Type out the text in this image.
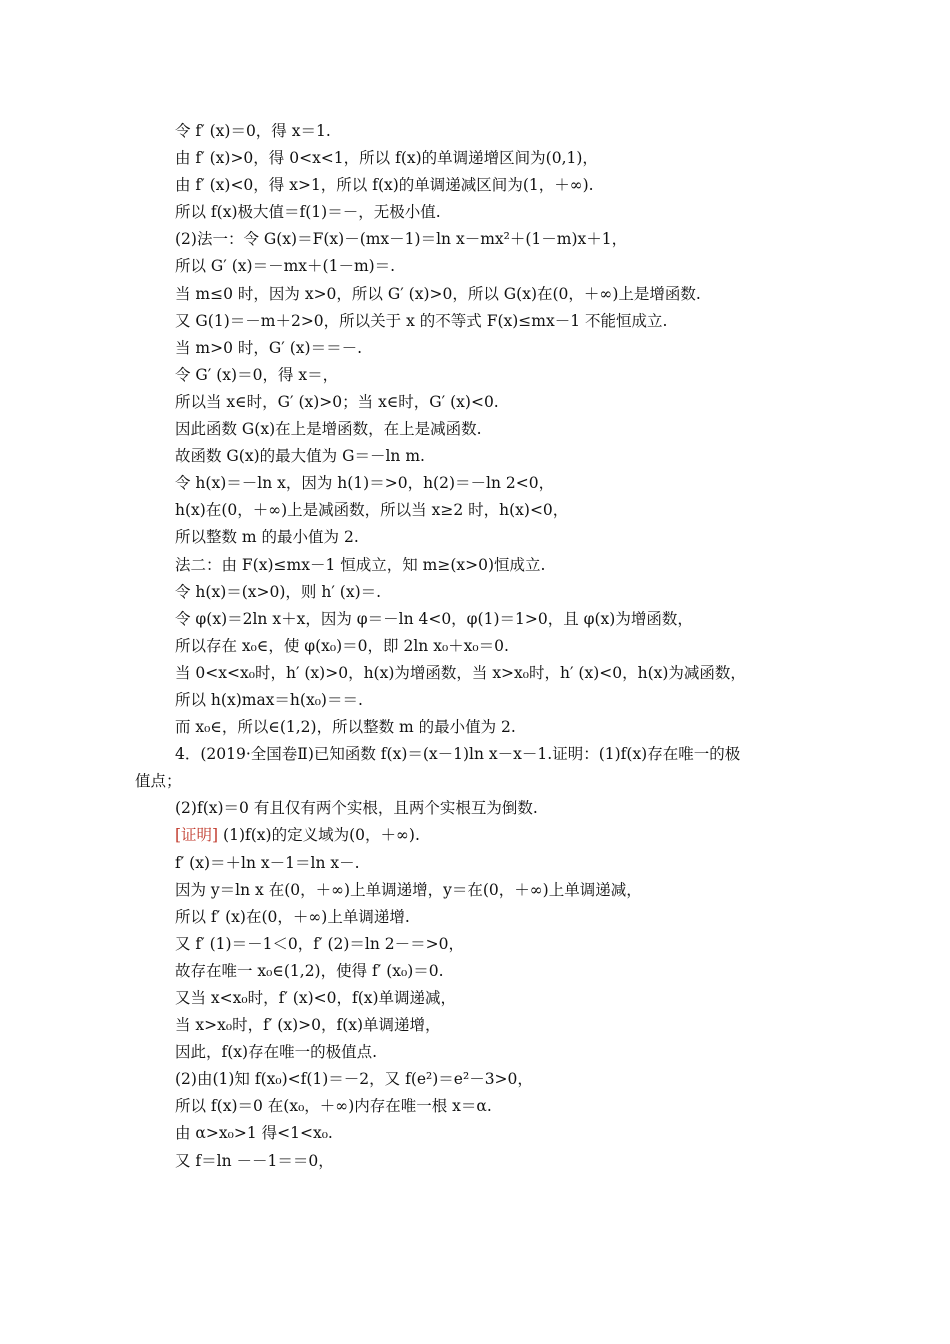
令 f′ (x)＝0，得 x＝1.
由 f′ (x)>0，得 0<x<1，所以 f(x)的单调递增区间为(0,1)，
由 f′ (x)<0，得 x>1，所以 f(x)的单调递减区间为(1，＋∞).
所以 f(x)极大值＝f(1)＝－，无极小值.
(2)法一：令 G(x)＝F(x)－(mx－1)＝ln x－mx²＋(1－m)x＋1，
所以 G′ (x)＝－mx＋(1－m)＝.
当 m≤0 时，因为 x>0，所以 G′ (x)>0，所以 G(x)在(0，＋∞)上是增函数.
又 G(1)＝－m＋2>0，所以关于 x 的不等式 F(x)≤mx－1 不能恒成立.
当 m>0 时，G′ (x)＝＝－.
令 G′ (x)＝0，得 x＝，
所以当 x∈时，G′ (x)>0；当 x∈时，G′ (x)<0.
因此函数 G(x)在上是增函数，在上是减函数.
故函数 G(x)的最大值为 G＝－ln m.
令 h(x)＝－ln x，因为 h(1)＝>0，h(2)＝－ln 2<0，
h(x)在(0，＋∞)上是减函数，所以当 x≥2 时，h(x)<0，
所以整数 m 的最小值为 2.
法二：由 F(x)≤mx－1 恒成立，知 m≥(x>0)恒成立.
令 h(x)＝(x>0)，则 h′ (x)＝.
令 φ(x)＝2ln x＋x，因为 φ＝－ln 4<0，φ(1)＝1>0，且 φ(x)为增函数，
所以存在 x₀∈，使 φ(x₀)＝0，即 2ln x₀＋x₀＝0.
当 0<x<x₀时，h′ (x)>0，h(x)为增函数，当 x>x₀时，h′ (x)<0，h(x)为减函数，
所以 h(x)max＝h(x₀)＝＝.
而 x₀∈，所以∈(1,2)，所以整数 m 的最小值为 2.
4．(2019·全国卷Ⅱ)已知函数 f(x)＝(x－1)ln x－x－1.证明：(1)f(x)存在唯一的极
值点；
(2)f(x)＝0 有且仅有两个实根，且两个实根互为倒数.
[证明] (1)f(x)的定义域为(0，＋∞).
f′ (x)＝＋ln x－1＝ln x－.
因为 y＝ln x 在(0，＋∞)上单调递增，y＝在(0，＋∞)上单调递减，
所以 f′ (x)在(0，＋∞)上单调递增.
又 f′ (1)＝－1＜0，f′ (2)＝ln 2－＝>0，
故存在唯一 x₀∈(1,2)，使得 f′ (x₀)＝0.
又当 x<x₀时，f′ (x)<0，f(x)单调递减，
当 x>x₀时，f′ (x)>0，f(x)单调递增，
因此，f(x)存在唯一的极值点.
(2)由(1)知 f(x₀)<f(1)＝－2，又 f(e²)＝e²－3>0，
所以 f(x)＝0 在(x₀，＋∞)内存在唯一根 x＝α.
由 α>x₀>1 得<1<x₀.
又 f＝ln －－1＝＝0，
